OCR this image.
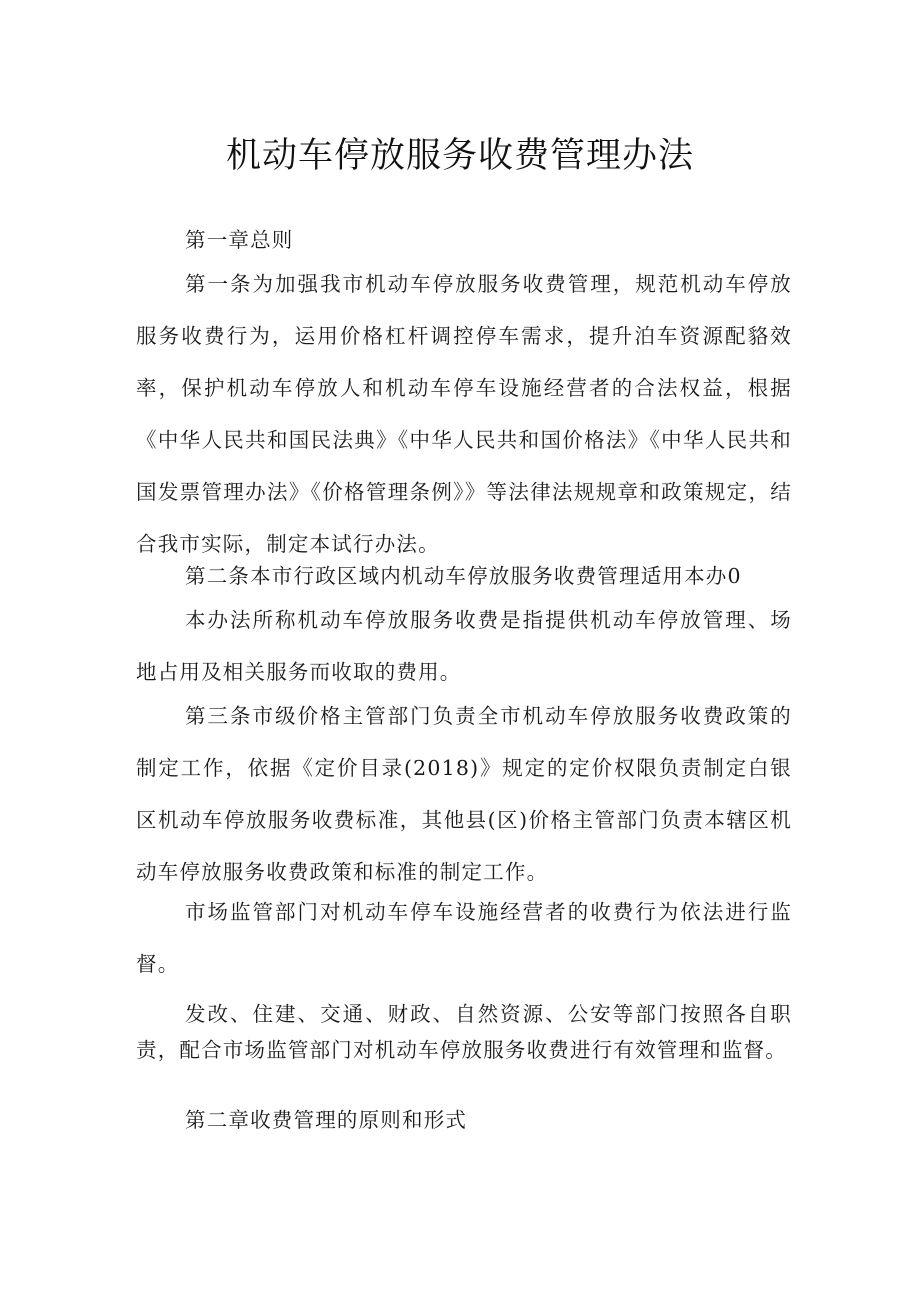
机动车停放服务收费管理办法

第一章总则

第一条为加强我市机动车停放服务收费管理，规范机动车停放服务收费行为，运用价格杠杆调控停车需求，提升泊车资源配貉效率，保护机动车停放人和机动车停车设施经营者的合法权益，根据《中华人民共和国民法典》《中华人民共和国价格法》《中华人民共和国发票管理办法》《价格管理条例》》等法律法规规章和政策规定，结合我市实际，制定本试行办法。

第二条本市行政区域内机动车停放服务收费管理适用本办0

本办法所称机动车停放服务收费是指提供机动车停放管理、场地占用及相关服务而收取的费用。

第三条市级价格主管部门负责全市机动车停放服务收费政策的制定工作，依据《定价目录(2018)》规定的定价权限负责制定白银区机动车停放服务收费标准，其他县(区)价格主管部门负责本辖区机动车停放服务收费政策和标准的制定工作。

市场监管部门对机动车停车设施经营者的收费行为依法进行监督。

发改、住建、交通、财政、自然资源、公安等部门按照各自职责，配合市场监管部门对机动车停放服务收费进行有效管理和监督。

第二章收费管理的原则和形式
